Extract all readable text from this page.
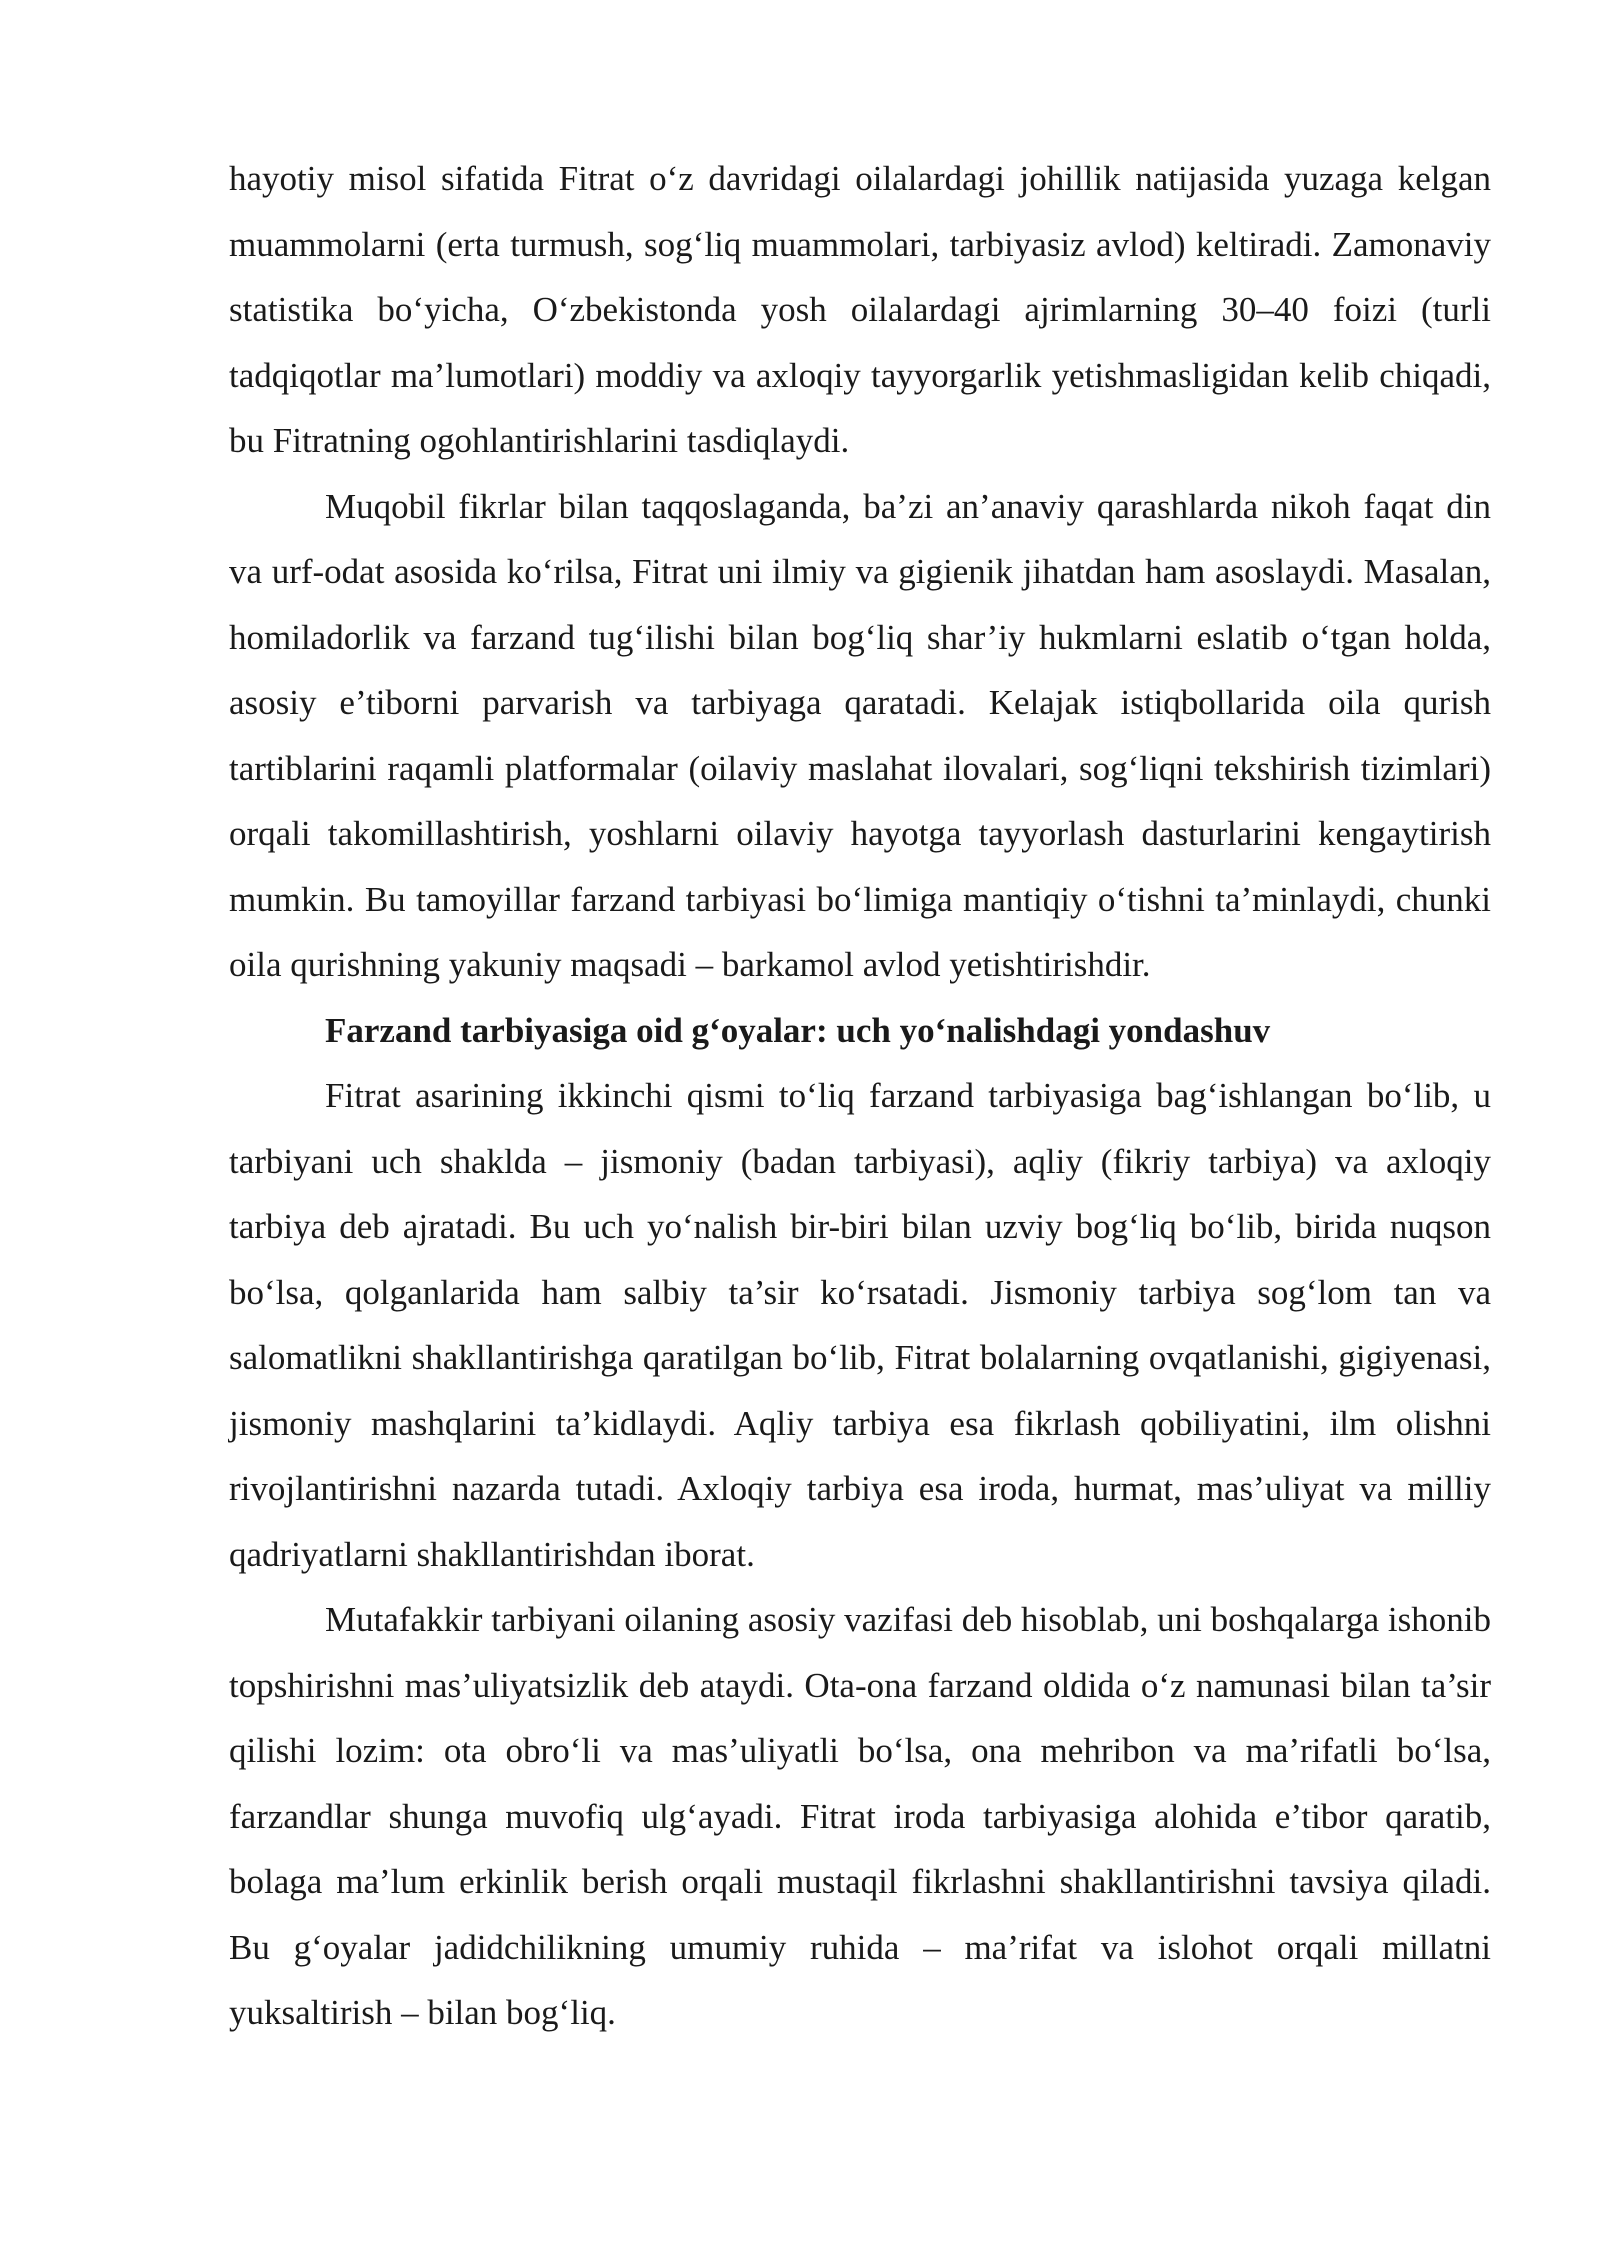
hayotiy misol sifatida Fitrat o‘z davridagi oilalardagi johillik natijasida yuzaga kelgan muammolarni (erta turmush, sog‘liq muammolari, tarbiyasiz avlod) keltiradi. Zamonaviy statistika bo‘yicha, O‘zbekistonda yosh oilalardagi ajrimlarning 30–40 foizi (turli tadqiqotlar ma’lumotlari) moddiy va axloqiy tayyorgarlik yetishmasligidan kelib chiqadi, bu Fitratning ogohlantirishlarini tasdiqlaydi.

Muqobil fikrlar bilan taqqoslaganda, ba’zi an’anaviy qarashlarda nikoh faqat din va urf-odat asosida ko‘rilsa, Fitrat uni ilmiy va gigienik jihatdan ham asoslaydi. Masalan, homiladorlik va farzand tug‘ilishi bilan bog‘liq shar’iy hukmlarni eslatib o‘tgan holda, asosiy e’tiborni parvarish va tarbiyaga qaratadi. Kelajak istiqbollarida oila qurish tartiblarini raqamli platformalar (oilaviy maslahat ilovalari, sog‘liqni tekshirish tizimlari) orqali takomillashtirish, yoshlarni oilaviy hayotga tayyorlash dasturlarini kengaytirish mumkin. Bu tamoyillar farzand tarbiyasi bo‘limiga mantiqiy o‘tishni ta’minlaydi, chunki oila qurishning yakuniy maqsadi – barkamol avlod yetishtirishdir.

Farzand tarbiyasiga oid g‘oyalar: uch yo‘nalishdagi yondashuv

Fitrat asarining ikkinchi qismi to‘liq farzand tarbiyasiga bag‘ishlangan bo‘lib, u tarbiyani uch shaklda – jismoniy (badan tarbiyasi), aqliy (fikriy tarbiya) va axloqiy tarbiya deb ajratadi. Bu uch yo‘nalish bir-biri bilan uzviy bog‘liq bo‘lib, birida nuqson bo‘lsa, qolganlarida ham salbiy ta’sir ko‘rsatadi. Jismoniy tarbiya sog‘lom tan va salomatlikni shakllantirishga qaratilgan bo‘lib, Fitrat bolalarning ovqatlanishi, gigiyenasi, jismoniy mashqlarini ta’kidlaydi. Aqliy tarbiya esa fikrlash qobiliyatini, ilm olishni rivojlantirishni nazarda tutadi. Axloqiy tarbiya esa iroda, hurmat, mas’uliyat va milliy qadriyatlarni shakllantirishdan iborat.

Mutafakkir tarbiyani oilaning asosiy vazifasi deb hisoblab, uni boshqalarga ishonib topshirishni mas’uliyatsizlik deb ataydi. Ota-ona farzand oldida o‘z namunasi bilan ta’sir qilishi lozim: ota obro‘li va mas’uliyatli bo‘lsa, ona mehribon va ma’rifatli bo‘lsa, farzandlar shunga muvofiq ulg‘ayadi. Fitrat iroda tarbiyasiga alohida e’tibor qaratib, bolaga ma’lum erkinlik berish orqali mustaqil fikrlashni shakllantirishni tavsiya qiladi. Bu g‘oyalar jadidchilikning umumiy ruhida – ma’rifat va islohot orqali millatni yuksaltirish – bilan bog‘liq.
